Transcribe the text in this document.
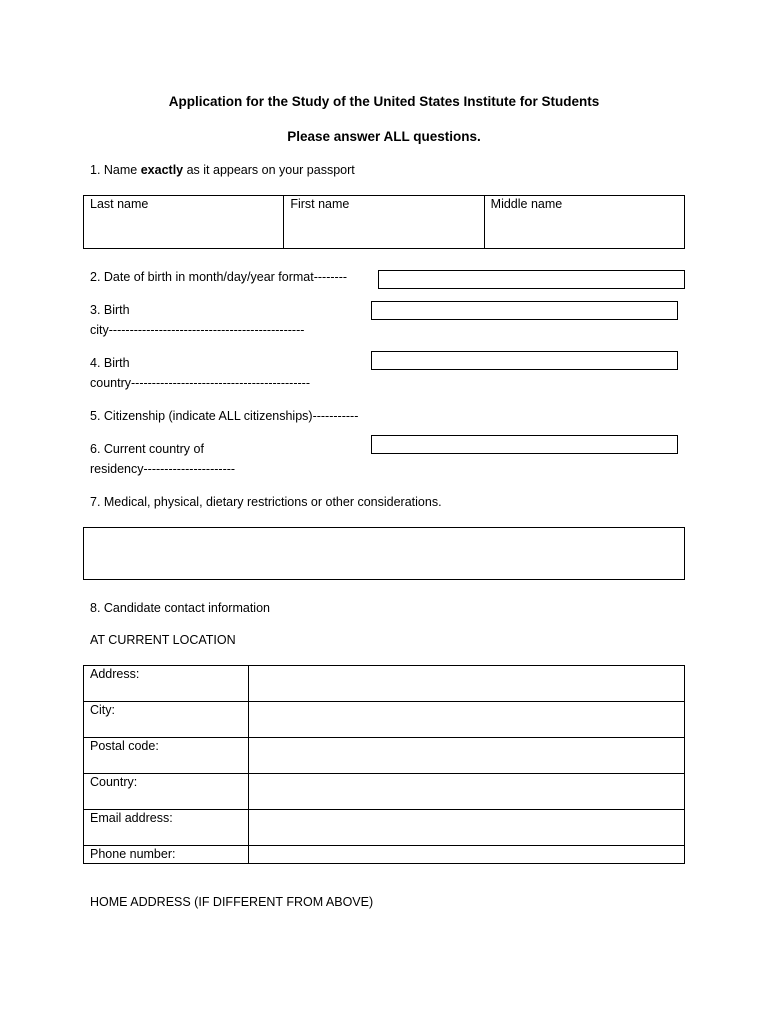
Application for the Study of the United States Institute for Students
Please answer ALL questions.
1. Name exactly as it appears on your passport
Last name	First name	Middle name
2. Date of birth in month/day/year format--------
3. Birth
city-----------------------------------------------
4. Birth
country-------------------------------------------
5. Citizenship (indicate ALL citizenships)-----------
6. Current country of
residency----------------------
7. Medical, physical, dietary restrictions or other considerations.
8. Candidate contact information
AT CURRENT LOCATION
Address:	
City:	
Postal code:	
Country:	
Email address:	
Phone number:	
HOME ADDRESS (IF DIFFERENT FROM ABOVE)
